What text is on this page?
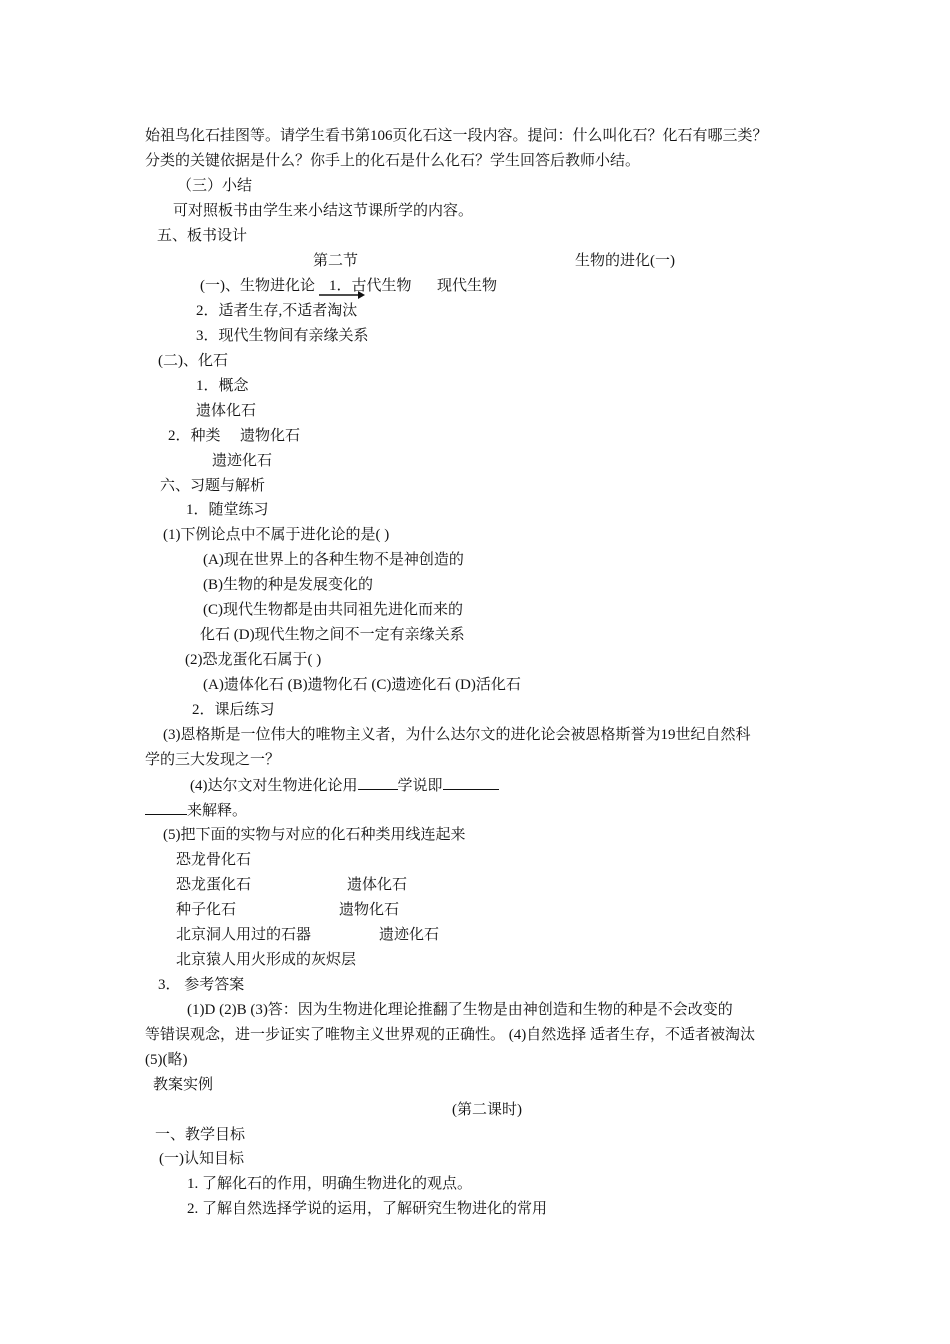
始祖鸟化石挂图等。请学生看书第106页化石这一段内容。提问：什么叫化石？化石有哪三类？
分类的关键依据是什么？你手上的化石是什么化石？学生回答后教师小结。
（三）小结
可对照板书由学生来小结这节课所学的内容。
五、板书设计
第二节	生物的进化(一)
(一)、生物进化论 1．古代生物 现代生物
2．适者生存,不适者淘汰
3．现代生物间有亲缘关系
(二)、化石
1．概念
遗体化石
2．种类 遗物化石
遗迹化石
六、习题与解析
1．随堂练习
(1)下例论点中不属于进化论的是( )
(A)现在世界上的各种生物不是神创造的
(B)生物的种是发展变化的
(C)现代生物都是由共同祖先进化而来的
化石 (D)现代生物之间不一定有亲缘关系
(2)恐龙蛋化石属于( )
(A)遗体化石 (B)遗物化石 (C)遗迹化石 (D)活化石
2．课后练习
(3)恩格斯是一位伟大的唯物主义者，为什么达尔文的进化论会被恩格斯誉为19世纪自然科
学的三大发现之一？
(4)达尔文对生物进化论用	学说即
来解释。
(5)把下面的实物与对应的化石种类用线连起来
恐龙骨化石
恐龙蛋化石	遗体化石
种子化石	遗物化石
北京洞人用过的石器	遗迹化石
北京猿人用火形成的灰烬层
3． 参考答案
(1)D (2)B (3)答：因为生物进化理论推翻了生物是由神创造和生物的种是不会改变的
等错误观念，进一步证实了唯物主义世界观的正确性。 (4)自然选择 适者生存，不适者被淘汰
(5)(略)
教案实例
(第二课时)
一、教学目标
(一)认知目标
1. 了解化石的作用，明确生物进化的观点。
2. 了解自然选择学说的运用，了解研究生物进化的常用
